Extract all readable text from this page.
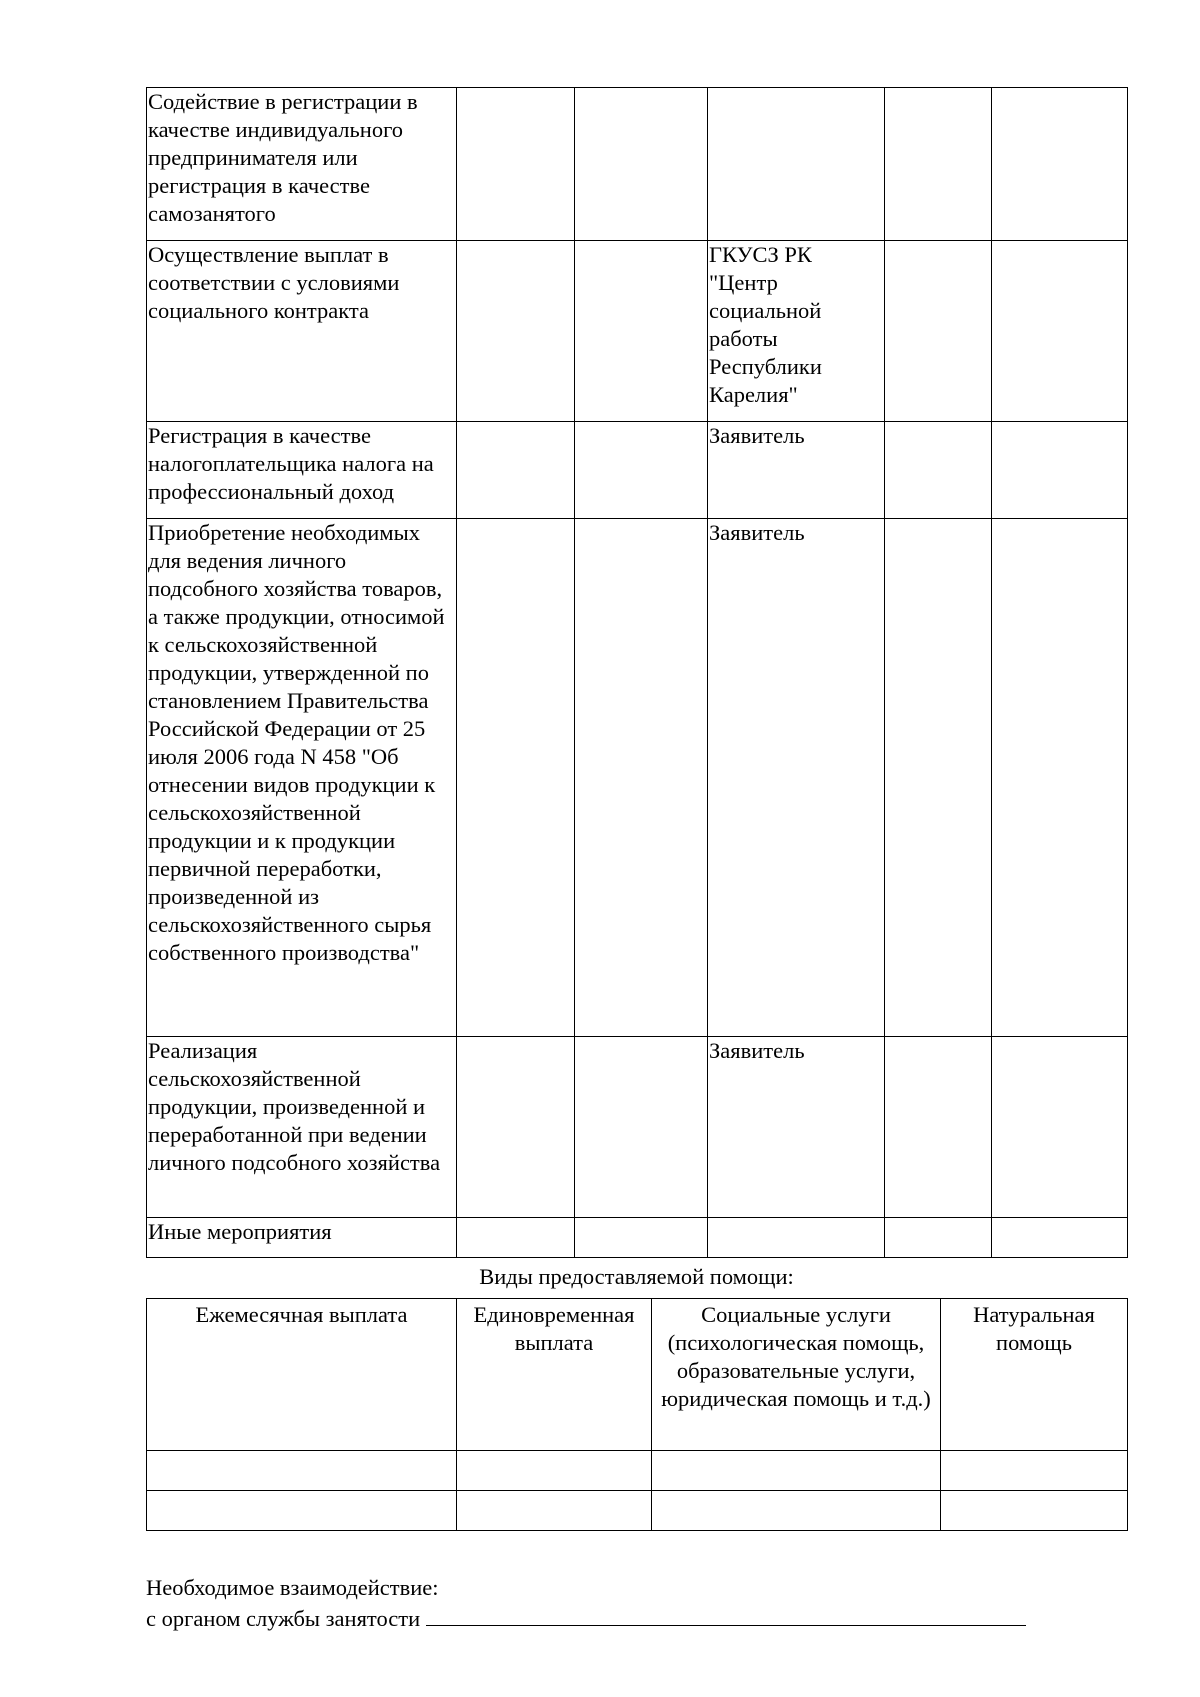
Содействие в регистрации в качестве индивидуального предпринимателя или регистрация в качестве самозанятого					
Осуществление выплат в соответствии с условиями социального контракта			ГКУСЗ РК "Центр социальной работы Республики Карелия"		
Регистрация в качестве налогоплательщика налога на профессиональный доход			Заявитель		
Приобретение необходимых для ведения личного подсобного хозяйства товаров, а также продукции, относимой к сельскохозяйственной продукции, утвержденной по становлением Правительства Российской Федерации от 25 июля 2006 года N 458 "Об отнесении видов продукции к сельскохозяйственной продукции и к продукции первичной переработки, произведенной из сельскохозяйственного сырья собственного производства"			Заявитель		
Реализация сельскохозяйственной продукции, произведенной и переработанной при ведении личного подсобного хозяйства			Заявитель		
Иные мероприятия					
Виды предоставляемой помощи:
Ежемесячная выплата	Единовременная выплата	Социальные услуги (психологическая помощь, образовательные услуги, юридическая помощь и т.д.)	Натуральная помощь

Необходимое взаимодействие:
с органом службы занятости
